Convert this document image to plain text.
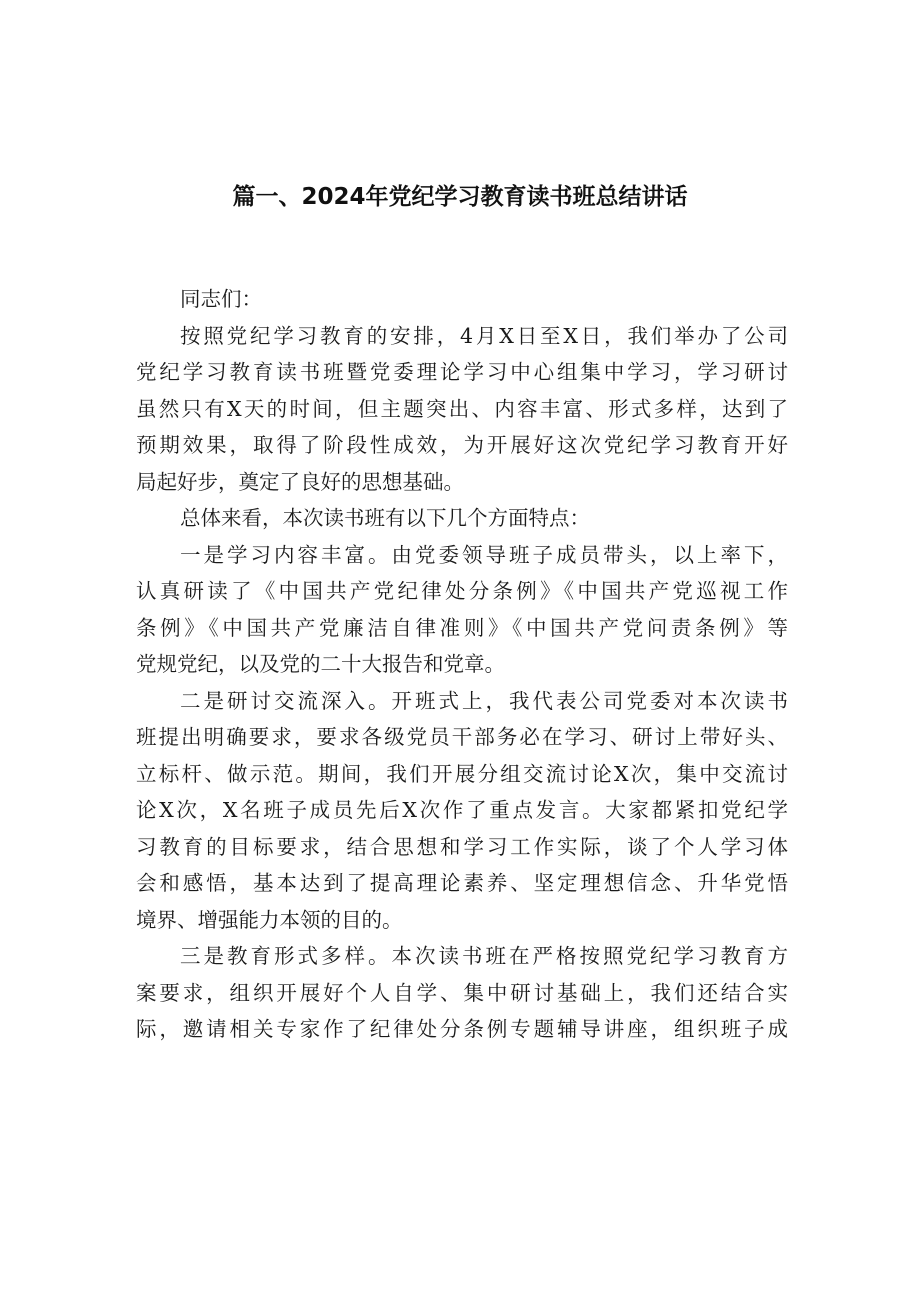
篇一、2024年党纪学习教育读书班总结讲话
同志们：
按照党纪学习教育的安排，4月X日至X日，我们举办了公司
党纪学习教育读书班暨党委理论学习中心组集中学习，学习研讨
虽然只有X天的时间，但主题突出、内容丰富、形式多样，达到了
预期效果，取得了阶段性成效，为开展好这次党纪学习教育开好
局起好步，奠定了良好的思想基础。
总体来看，本次读书班有以下几个方面特点：
一是学习内容丰富。由党委领导班子成员带头，以上率下，
认真研读了《中国共产党纪律处分条例》《中国共产党巡视工作
条例》《中国共产党廉洁自律准则》《中国共产党问责条例》等
党规党纪，以及党的二十大报告和党章。
二是研讨交流深入。开班式上，我代表公司党委对本次读书
班提出明确要求，要求各级党员干部务必在学习、研讨上带好头、
立标杆、做示范。期间，我们开展分组交流讨论X次，集中交流讨
论X次，X名班子成员先后X次作了重点发言。大家都紧扣党纪学
习教育的目标要求，结合思想和学习工作实际，谈了个人学习体
会和感悟，基本达到了提高理论素养、坚定理想信念、升华党悟
境界、增强能力本领的目的。
三是教育形式多样。本次读书班在严格按照党纪学习教育方
案要求，组织开展好个人自学、集中研讨基础上，我们还结合实
际，邀请相关专家作了纪律处分条例专题辅导讲座，组织班子成
